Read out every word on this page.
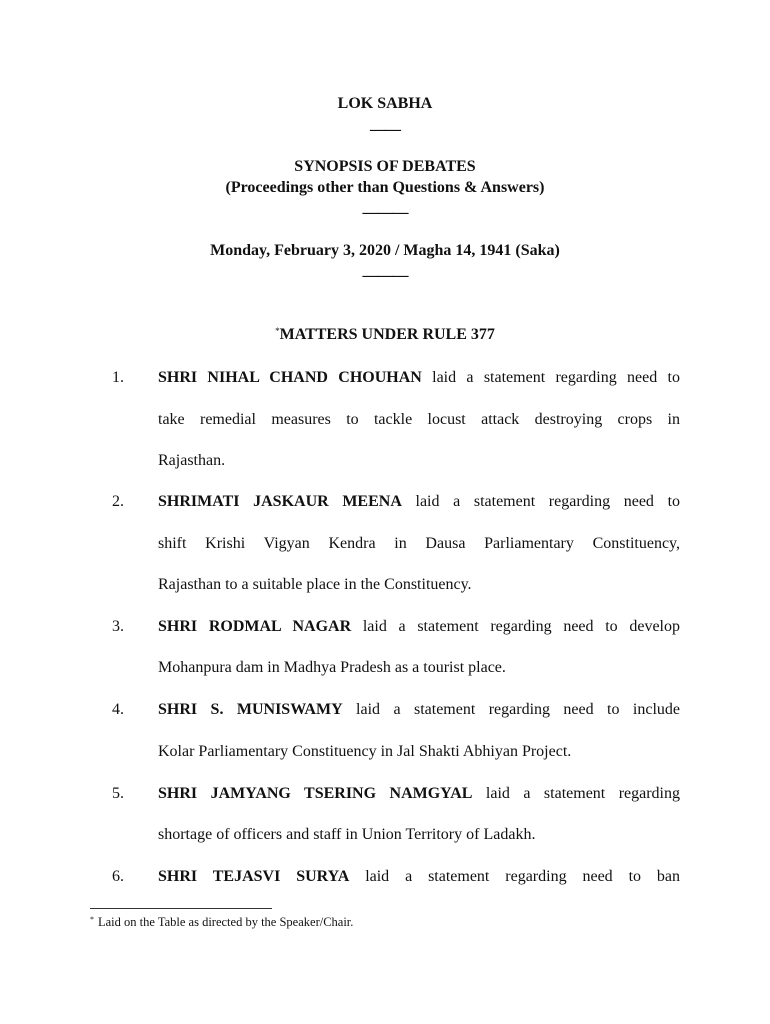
LOK SABHA
——
SYNOPSIS OF DEBATES
(Proceedings other than Questions & Answers)
———
Monday, February 3, 2020 / Magha 14, 1941 (Saka)
———
*MATTERS UNDER RULE 377
1.	SHRI NIHAL CHAND CHOUHAN laid a statement regarding need to
take remedial measures to tackle locust attack destroying crops in
Rajasthan.
2.	SHRIMATI JASKAUR MEENA laid a statement regarding need to
shift Krishi Vigyan Kendra in Dausa Parliamentary Constituency,
Rajasthan to a suitable place in the Constituency.
3.	SHRI RODMAL NAGAR laid a statement regarding need to develop
Mohanpura dam in Madhya Pradesh as a tourist place.
4.	SHRI S. MUNISWAMY laid a statement regarding need to include
Kolar Parliamentary Constituency in Jal Shakti Abhiyan Project.
5.	SHRI JAMYANG TSERING NAMGYAL laid a statement regarding
shortage of officers and staff in Union Territory of Ladakh.
6.	SHRI TEJASVI SURYA laid a statement regarding need to ban
* Laid on the Table as directed by the Speaker/Chair.
